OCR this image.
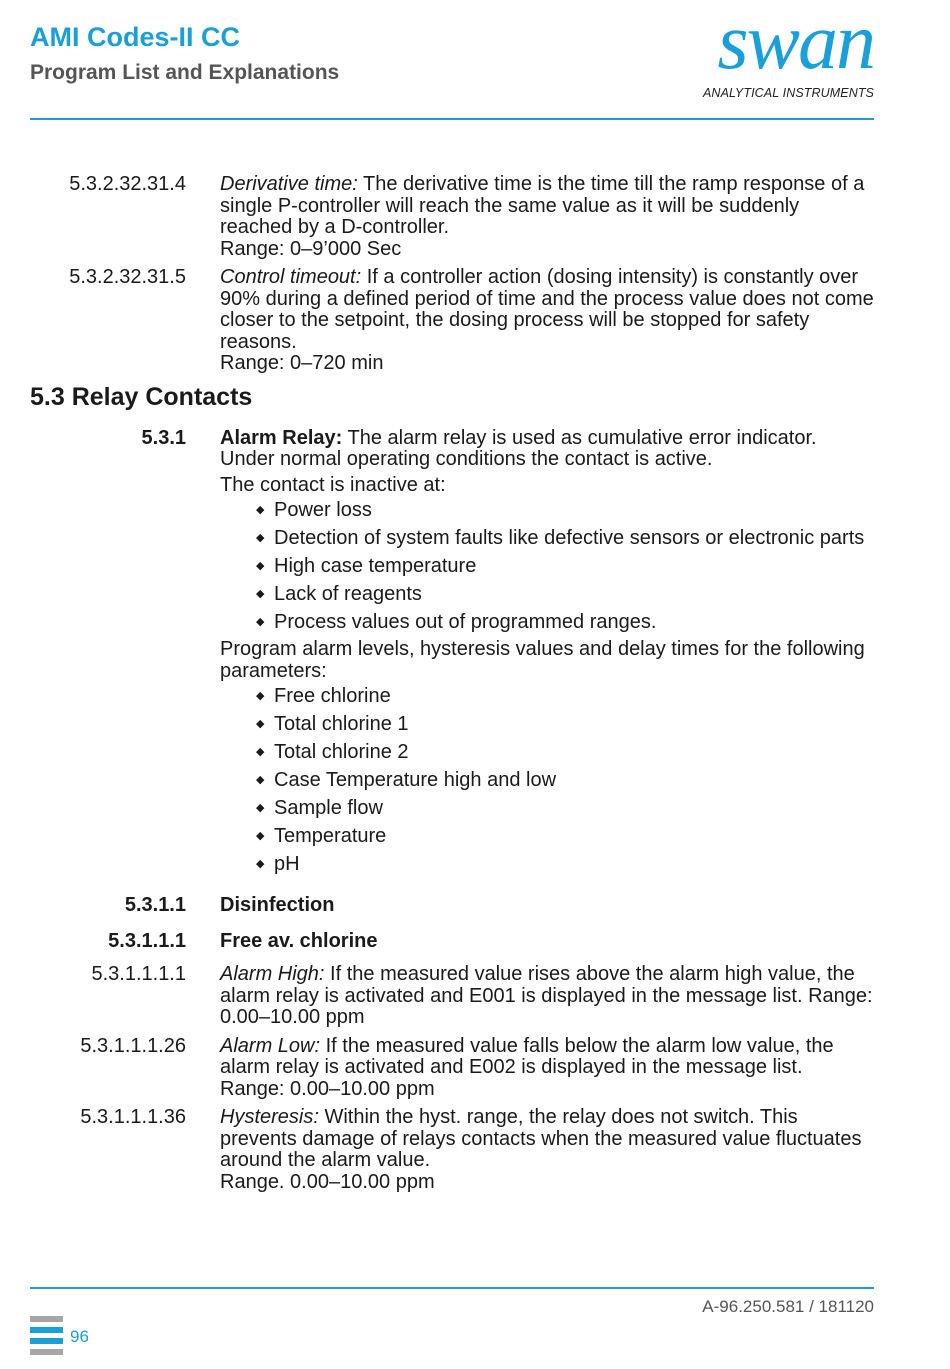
AMI Codes-II CC
Program List and Explanations	swan
ANALYTICAL INSTRUMENTS
5.3.2.32.31.4 Derivative time: The derivative time is the time till the ramp response of a single P-controller will reach the same value as it will be suddenly reached by a D-controller.
Range: 0–9’000 Sec
5.3.2.32.31.5 Control timeout: If a controller action (dosing intensity) is constantly over 90% during a defined period of time and the process value does not come closer to the setpoint, the dosing process will be stopped for safety reasons.
Range: 0–720 min
5.3 Relay Contacts
5.3.1 Alarm Relay: The alarm relay is used as cumulative error indicator. Under normal operating conditions the contact is active.
The contact is inactive at:
◆ Power loss
◆ Detection of system faults like defective sensors or electronic parts
◆ High case temperature
◆ Lack of reagents
◆ Process values out of programmed ranges.
Program alarm levels, hysteresis values and delay times for the following parameters:
◆ Free chlorine
◆ Total chlorine 1
◆ Total chlorine 2
◆ Case Temperature high and low
◆ Sample flow
◆ Temperature
◆ pH
5.3.1.1 Disinfection
5.3.1.1.1 Free av. chlorine
5.3.1.1.1.1 Alarm High: If the measured value rises above the alarm high value, the alarm relay is activated and E001 is displayed in the message list. Range: 0.00–10.00 ppm
5.3.1.1.1.26 Alarm Low: If the measured value falls below the alarm low value, the alarm relay is activated and E002 is displayed in the message list.
Range: 0.00–10.00 ppm
5.3.1.1.1.36 Hysteresis: Within the hyst. range, the relay does not switch. This prevents damage of relays contacts when the measured value fluctuates around the alarm value.
Range. 0.00–10.00 ppm
A-96.250.581 / 181120
96
